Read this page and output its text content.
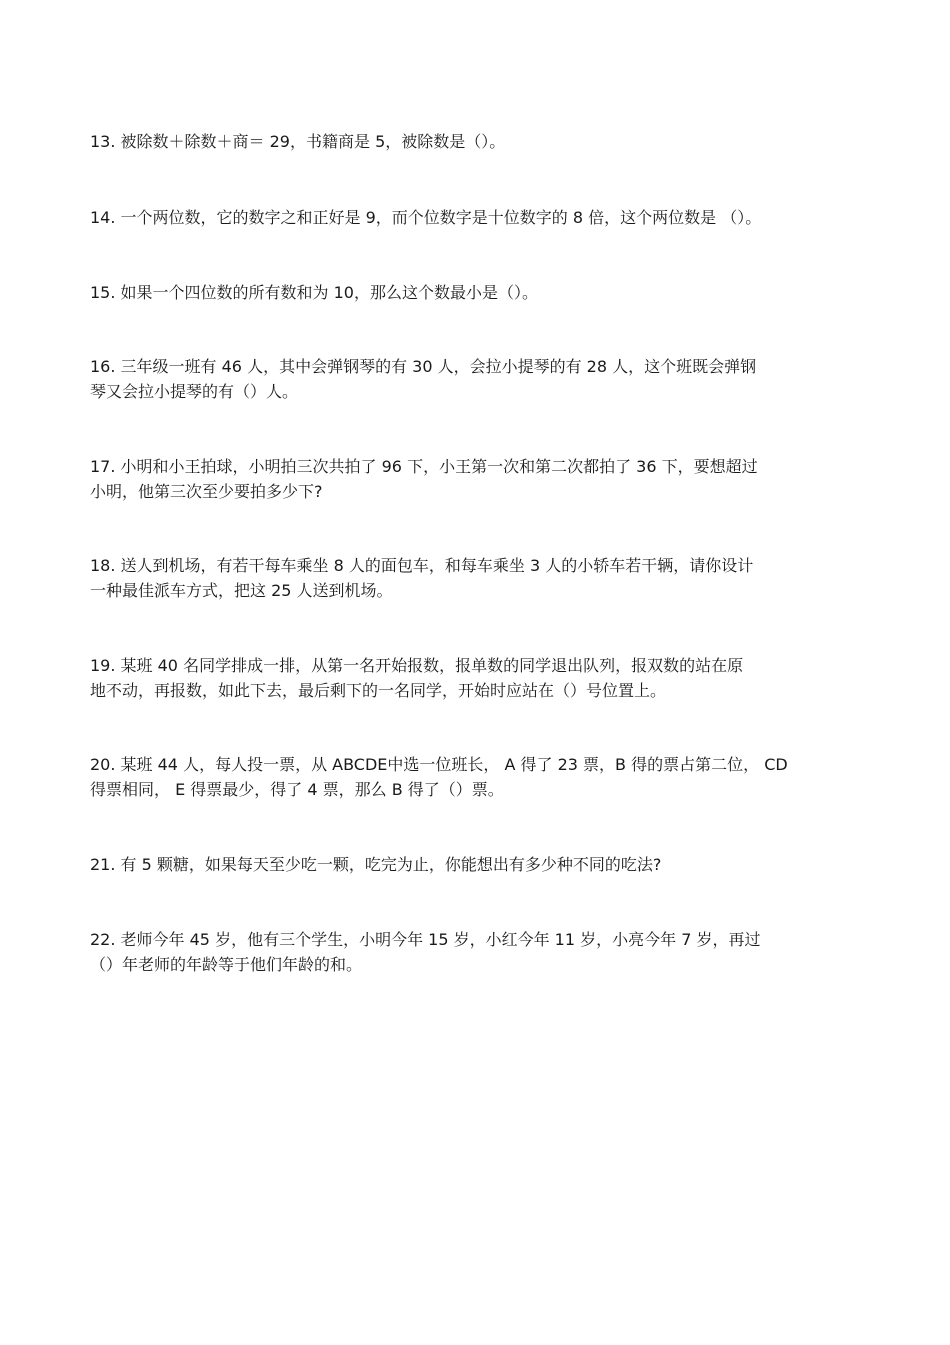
13. 被除数＋除数＋商＝ 29，书籍商是 5，被除数是（）。

14. 一个两位数，它的数字之和正好是 9，而个位数字是十位数字的 8 倍，这个两位数是 （）。

15. 如果一个四位数的所有数和为 10，那么这个数最小是（）。

16. 三年级一班有 46 人，其中会弹钢琴的有 30 人，会拉小提琴的有 28 人，这个班既会弹钢
琴又会拉小提琴的有（）人。

17. 小明和小王拍球，小明拍三次共拍了 96 下，小王第一次和第二次都拍了 36 下，要想超过
小明，他第三次至少要拍多少下?

18. 送人到机场，有若干每车乘坐 8 人的面包车，和每车乘坐 3 人的小轿车若干辆，请你设计
一种最佳派车方式，把这 25 人送到机场。

19. 某班 40 名同学排成一排，从第一名开始报数，报单数的同学退出队列，报双数的站在原
地不动，再报数，如此下去，最后剩下的一名同学，开始时应站在（）号位置上。

20. 某班 44 人，每人投一票，从 ABCDE中选一位班长， A 得了 23 票，B 得的票占第二位， CD
得票相同， E 得票最少，得了 4 票，那么 B 得了（）票。

21. 有 5 颗糖，如果每天至少吃一颗，吃完为止，你能想出有多少种不同的吃法?

22. 老师今年 45 岁，他有三个学生，小明今年 15 岁，小红今年 11 岁，小亮今年 7 岁，再过
（）年老师的年龄等于他们年龄的和。
